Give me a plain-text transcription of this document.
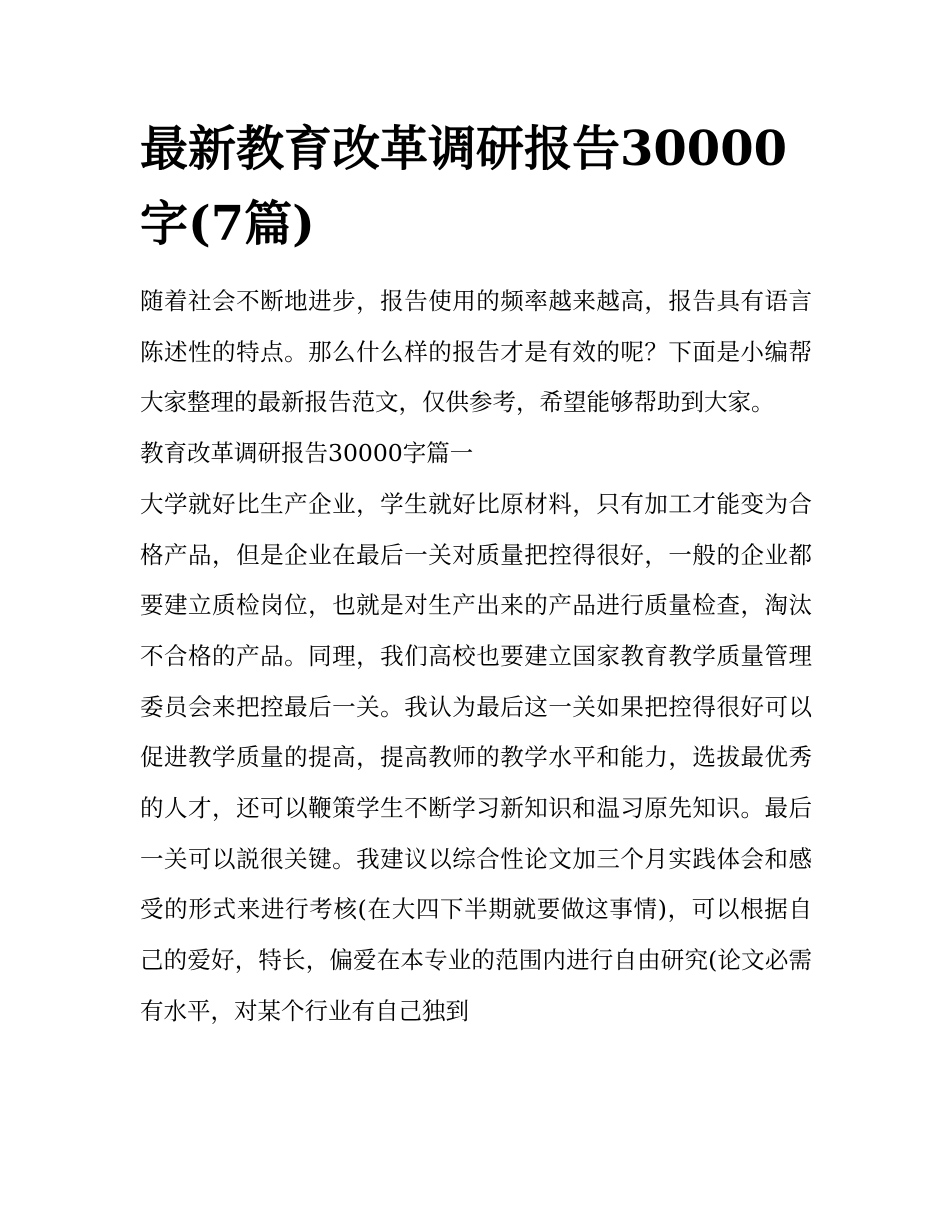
最新教育改革调研报告30000字(7篇)

随着社会不断地进步，报告使用的频率越来越高，报告具有语言陈述性的特点。那么什么样的报告才是有效的呢？下面是小编帮大家整理的最新报告范文，仅供参考，希望能够帮助到大家。

教育改革调研报告30000字篇一

大学就好比生产企业，学生就好比原材料，只有加工才能变为合格产品，但是企业在最后一关对质量把控得很好，一般的企业都要建立质检岗位，也就是对生产出来的产品进行质量检查，淘汰不合格的产品。同理，我们高校也要建立国家教育教学质量管理委员会来把控最后一关。我认为最后这一关如果把控得很好可以促进教学质量的提高，提高教师的教学水平和能力，选拔最优秀的人才，还可以鞭策学生不断学习新知识和温习原先知识。最后一关可以説很关键。我建议以综合性论文加三个月实践体会和感受的形式来进行考核(在大四下半期就要做这事情)，可以根据自己的爱好，特长，偏爱在本专业的范围内进行自由研究(论文必需有水平，对某个行业有自己独到
